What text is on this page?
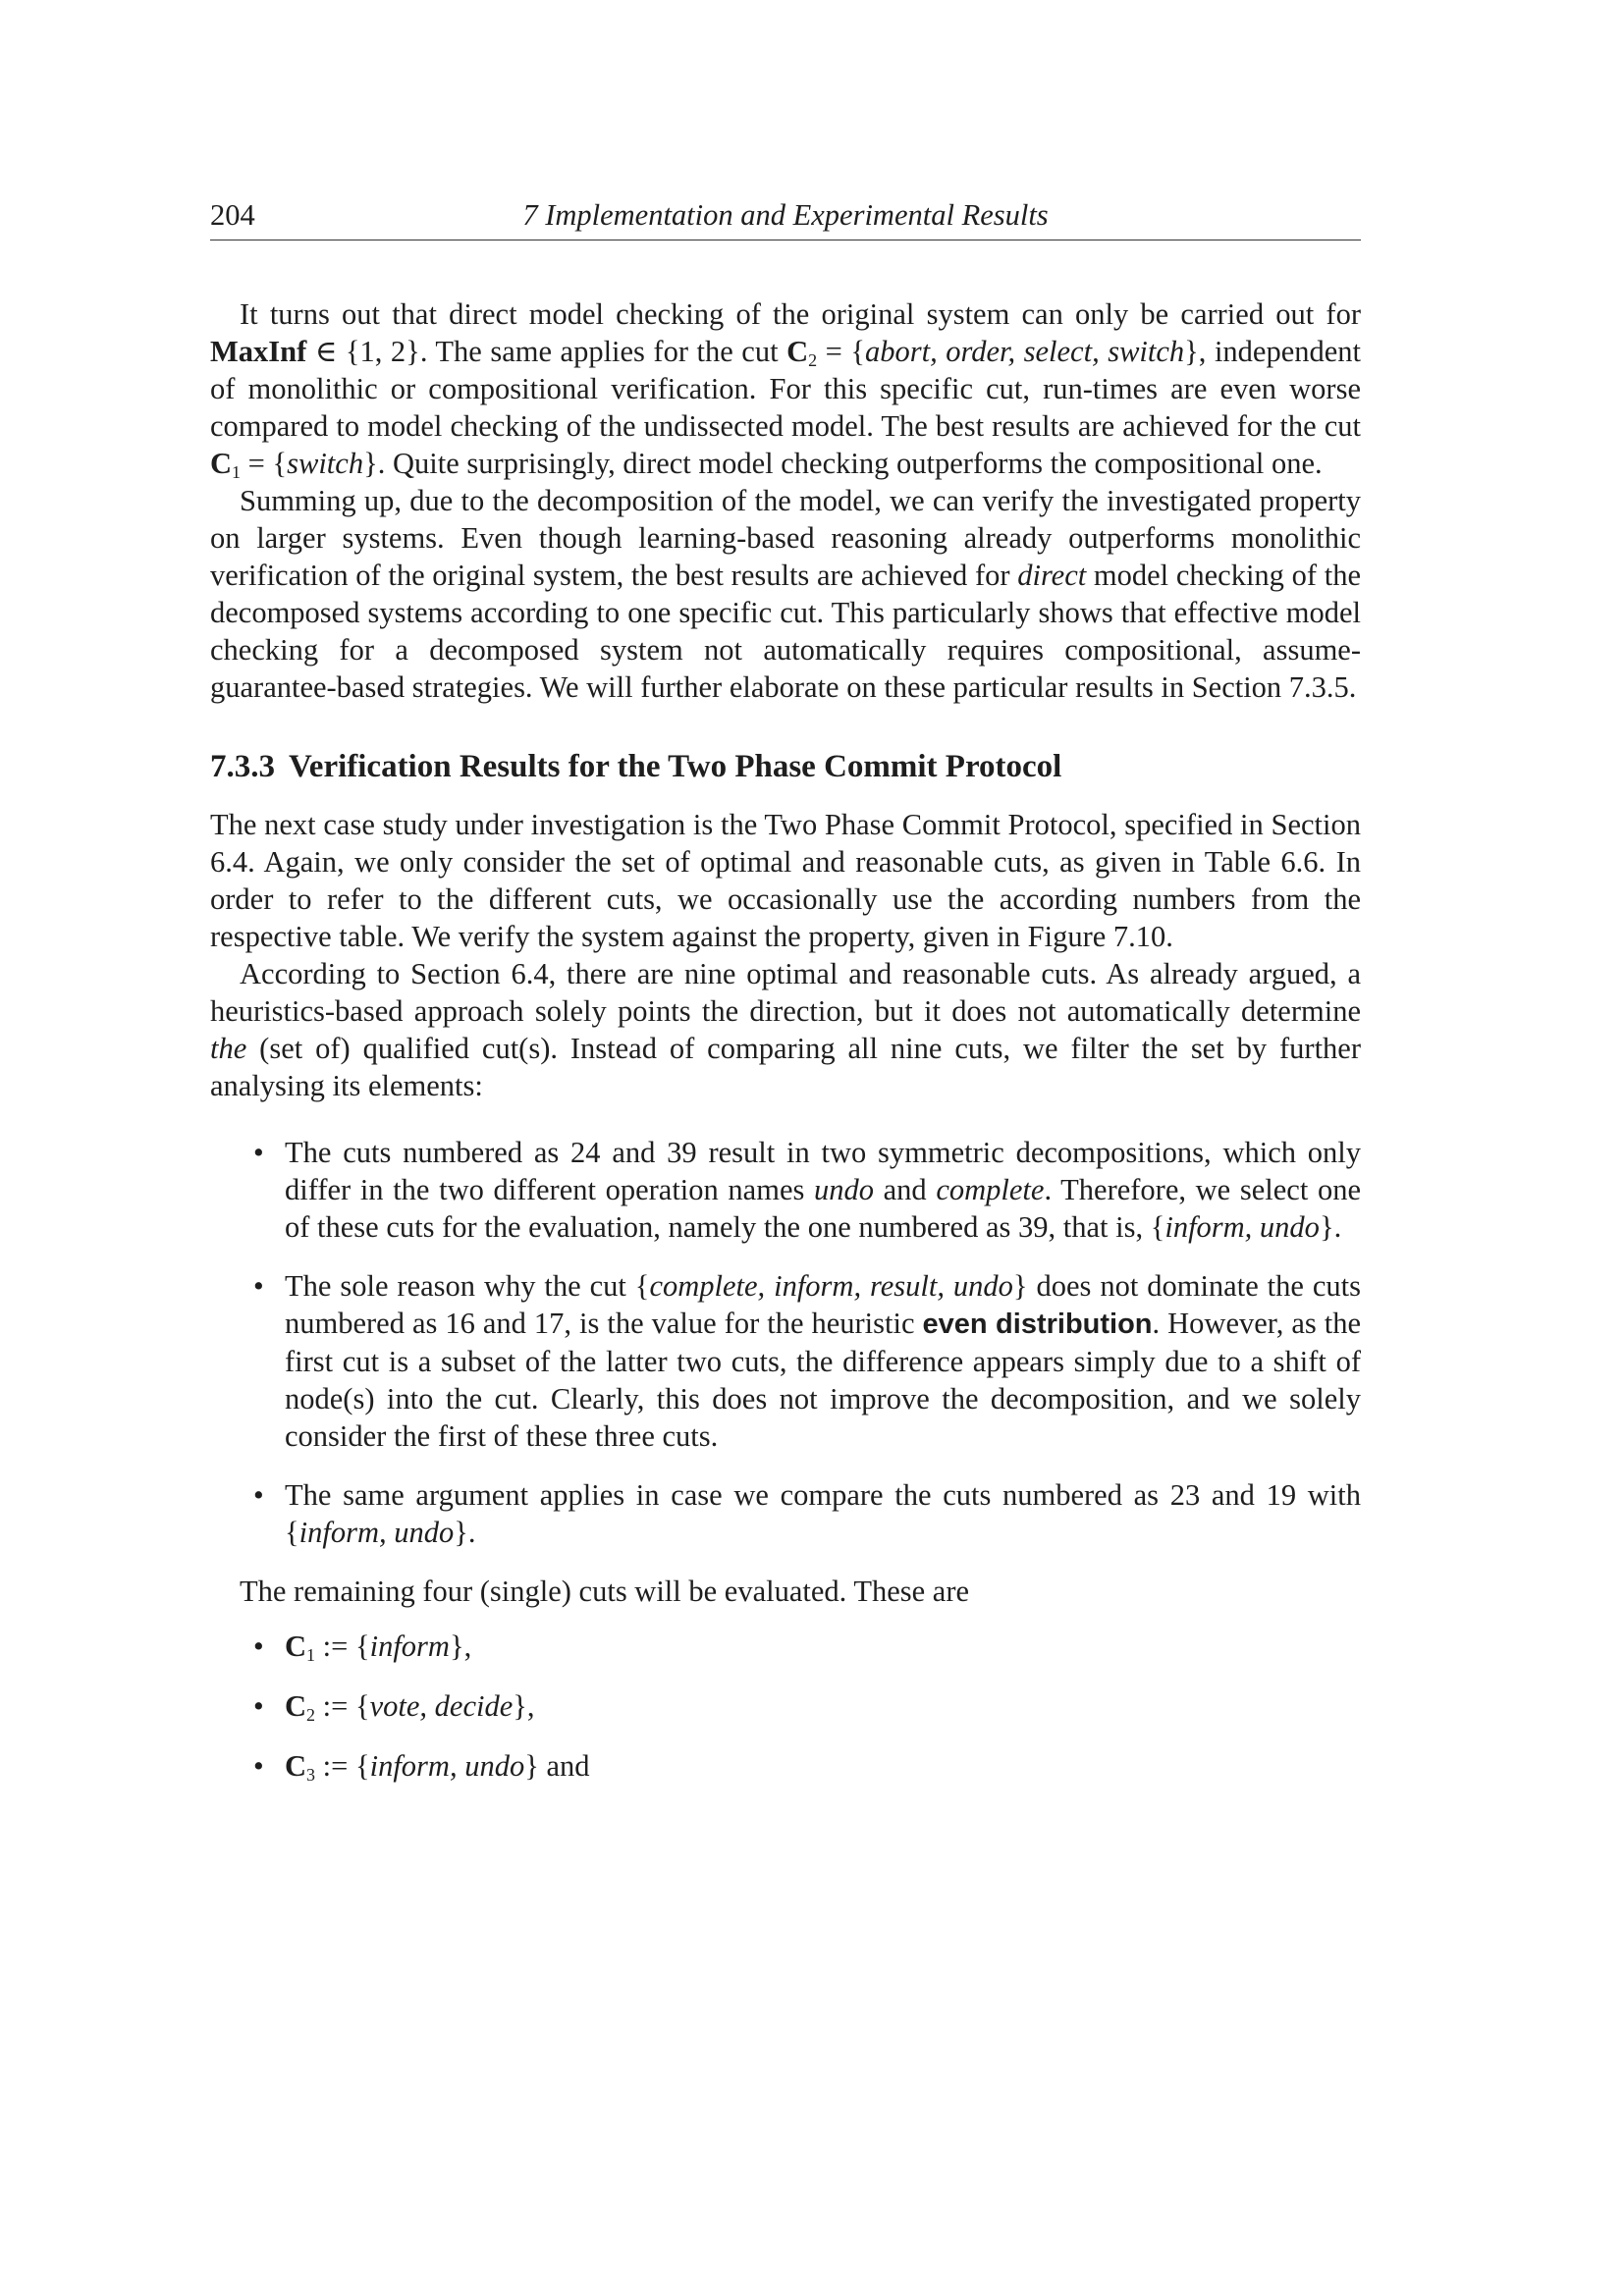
204	7 Implementation and Experimental Results

It turns out that direct model checking of the original system can only be carried out for MaxInf ∈ {1, 2}. The same applies for the cut $C_2$ = {abort, order, select, switch}, independent of monolithic or compositional verification. For this specific cut, run-times are even worse compared to model checking of the undissected model. The best results are achieved for the cut $C_1$ = {switch}. Quite surprisingly, direct model checking outperforms the compositional one.

Summing up, due to the decomposition of the model, we can verify the investigated property on larger systems. Even though learning-based reasoning already outperforms monolithic verification of the original system, the best results are achieved for direct model checking of the decomposed systems according to one specific cut. This particularly shows that effective model checking for a decomposed system not automatically requires compositional, assume-guarantee-based strategies. We will further elaborate on these particular results in Section 7.3.5.

7.3.3 Verification Results for the Two Phase Commit Protocol

The next case study under investigation is the Two Phase Commit Protocol, specified in Section 6.4. Again, we only consider the set of optimal and reasonable cuts, as given in Table 6.6. In order to refer to the different cuts, we occasionally use the according numbers from the respective table. We verify the system against the property, given in Figure 7.10.

According to Section 6.4, there are nine optimal and reasonable cuts. As already argued, a heuristics-based approach solely points the direction, but it does not automatically determine the (set of) qualified cut(s). Instead of comparing all nine cuts, we filter the set by further analysing its elements:

• The cuts numbered as 24 and 39 result in two symmetric decompositions, which only differ in the two different operation names undo and complete. Therefore, we select one of these cuts for the evaluation, namely the one numbered as 39, that is, {inform, undo}.
• The sole reason why the cut {complete, inform, result, undo} does not dominate the cuts numbered as 16 and 17, is the value for the heuristic even distribution. However, as the first cut is a subset of the latter two cuts, the difference appears simply due to a shift of node(s) into the cut. Clearly, this does not improve the decomposition, and we solely consider the first of these three cuts.
• The same argument applies in case we compare the cuts numbered as 23 and 19 with {inform, undo}.

The remaining four (single) cuts will be evaluated. These are

• $C_1$ := {inform},
• $C_2$ := {vote, decide},
• $C_3$ := {inform, undo} and
